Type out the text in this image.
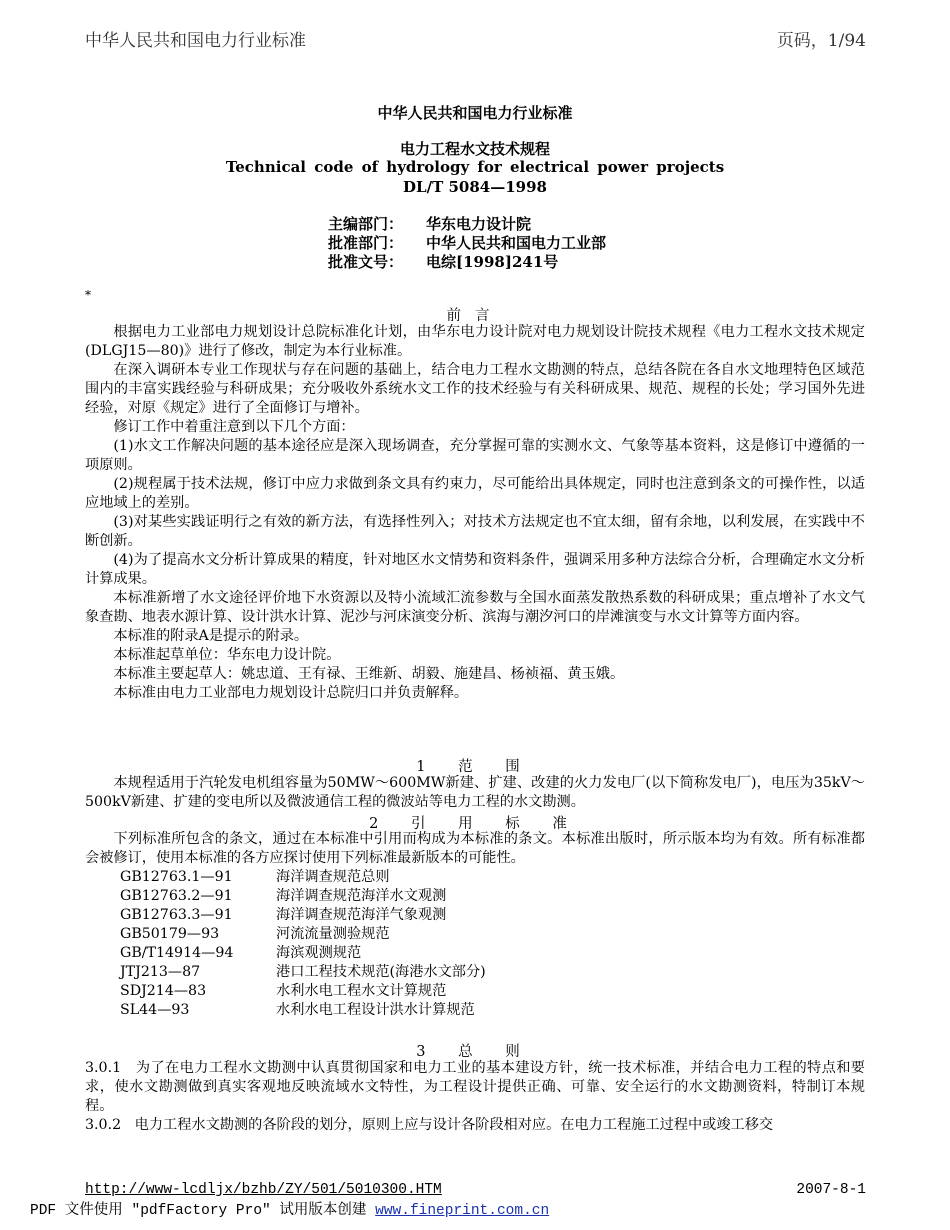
中华人民共和国电力行业标准	页码，1/94
中华人民共和国电力行业标准
电力工程水文技术规程
Technical code of hydrology for electrical power projects
DL/T 5084—1998
主编部门： 华东电力设计院
批准部门： 中华人民共和国电力工业部
批准文号： 电综[1998]241号
*
前言
根据电力工业部电力规划设计总院标准化计划，由华东电力设计院对电力规划设计院技术规程《电力工程水文技术规定(DLGJ15—80)》进行了修改，制定为本行业标准。
在深入调研本专业工作现状与存在问题的基础上，结合电力工程水文勘测的特点，总结各院在各自水文地理特色区域范围内的丰富实践经验与科研成果；充分吸收外系统水文工作的技术经验与有关科研成果、规范、规程的长处；学习国外先进经验，对原《规定》进行了全面修订与增补。
修订工作中着重注意到以下几个方面：
(1)水文工作解决问题的基本途径应是深入现场调查，充分掌握可靠的实测水文、气象等基本资料，这是修订中遵循的一项原则。
(2)规程属于技术法规，修订中应力求做到条文具有约束力，尽可能给出具体规定，同时也注意到条文的可操作性，以适应地域上的差别。
(3)对某些实践证明行之有效的新方法，有选择性列入；对技术方法规定也不宜太细，留有余地，以利发展，在实践中不断创新。
(4)为了提高水文分析计算成果的精度，针对地区水文情势和资料条件，强调采用多种方法综合分析，合理确定水文分析计算成果。
本标准新增了水文途径评价地下水资源以及特小流域汇流参数与全国水面蒸发散热系数的科研成果；重点增补了水文气象查勘、地表水源计算、设计洪水计算、泥沙与河床演变分析、滨海与潮汐河口的岸滩演变与水文计算等方面内容。
本标准的附录A是提示的附录。
本标准起草单位：华东电力设计院。
本标准主要起草人：姚忠道、王有禄、王维新、胡毅、施建昌、杨祯福、黄玉娥。
本标准由电力工业部电力规划设计总院归口并负责解释。
1 范 围
本规程适用于汽轮发电机组容量为50MW～600MW新建、扩建、改建的火力发电厂(以下简称发电厂)，电压为35kV～500kV新建、扩建的变电所以及微波通信工程的微波站等电力工程的水文勘测。
2 引 用 标 准
下列标准所包含的条文，通过在本标准中引用而构成为本标准的条文。本标准出版时，所示版本均为有效。所有标准都会被修订，使用本标准的各方应探讨使用下列标准最新版本的可能性。
GB12763.1—91	海洋调查规范总则
GB12763.2—91	海洋调查规范海洋水文观测
GB12763.3—91	海洋调查规范海洋气象观测
GB50179—93	河流流量测验规范
GB/T14914—94	海滨观测规范
JTJ213—87	港口工程技术规范(海港水文部分)
SDJ214—83	水利水电工程水文计算规范
SL44—93	水利水电工程设计洪水计算规范
3 总 则
3.0.1 为了在电力工程水文勘测中认真贯彻国家和电力工业的基本建设方针，统一技术标准，并结合电力工程的特点和要求，使水文勘测做到真实客观地反映流域水文特性，为工程设计提供正确、可靠、安全运行的水文勘测资料，特制订本规程。
3.0.2 电力工程水文勘测的各阶段的划分，原则上应与设计各阶段相对应。在电力工程施工过程中或竣工移交
http://www-lcdljx/bzhb/ZY/501/5010300.HTM	2007-8-1
PDF 文件使用 "pdfFactory Pro" 试用版本创建 www.fineprint.com.cn
